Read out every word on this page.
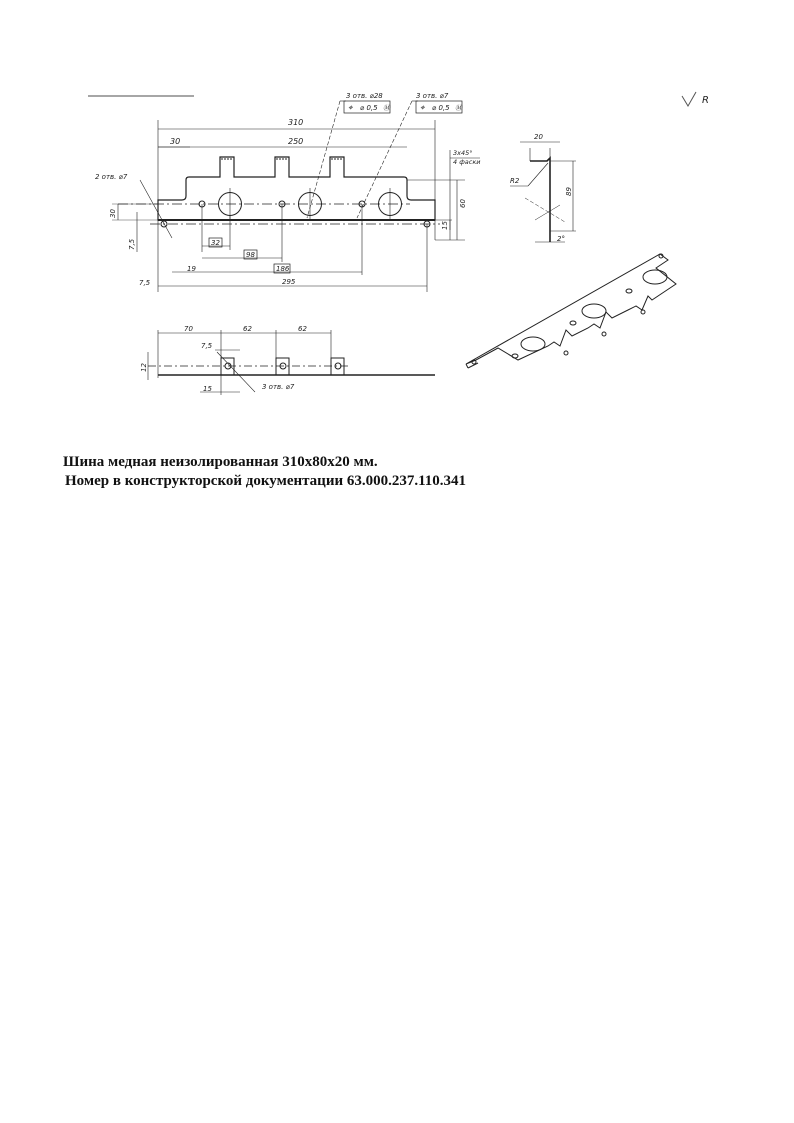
R
310
30	250
3 отв. ⌀28	3 отв. ⌀7
⌖ ⌀ 0,5 Ⓜ	⌖ ⌀ 0,5 Ⓜ
2 отв. ⌀7
3x45°
4 фаски
60
15
30
7,5	32
98
186
19
7,5	295
20
R2
89
2°
70	62	62
7,5
12
15	3 отв. ⌀7
Шина медная неизолированная 310x80x20 мм.
Номер в конструкторской документации 63.000.237.110.341
